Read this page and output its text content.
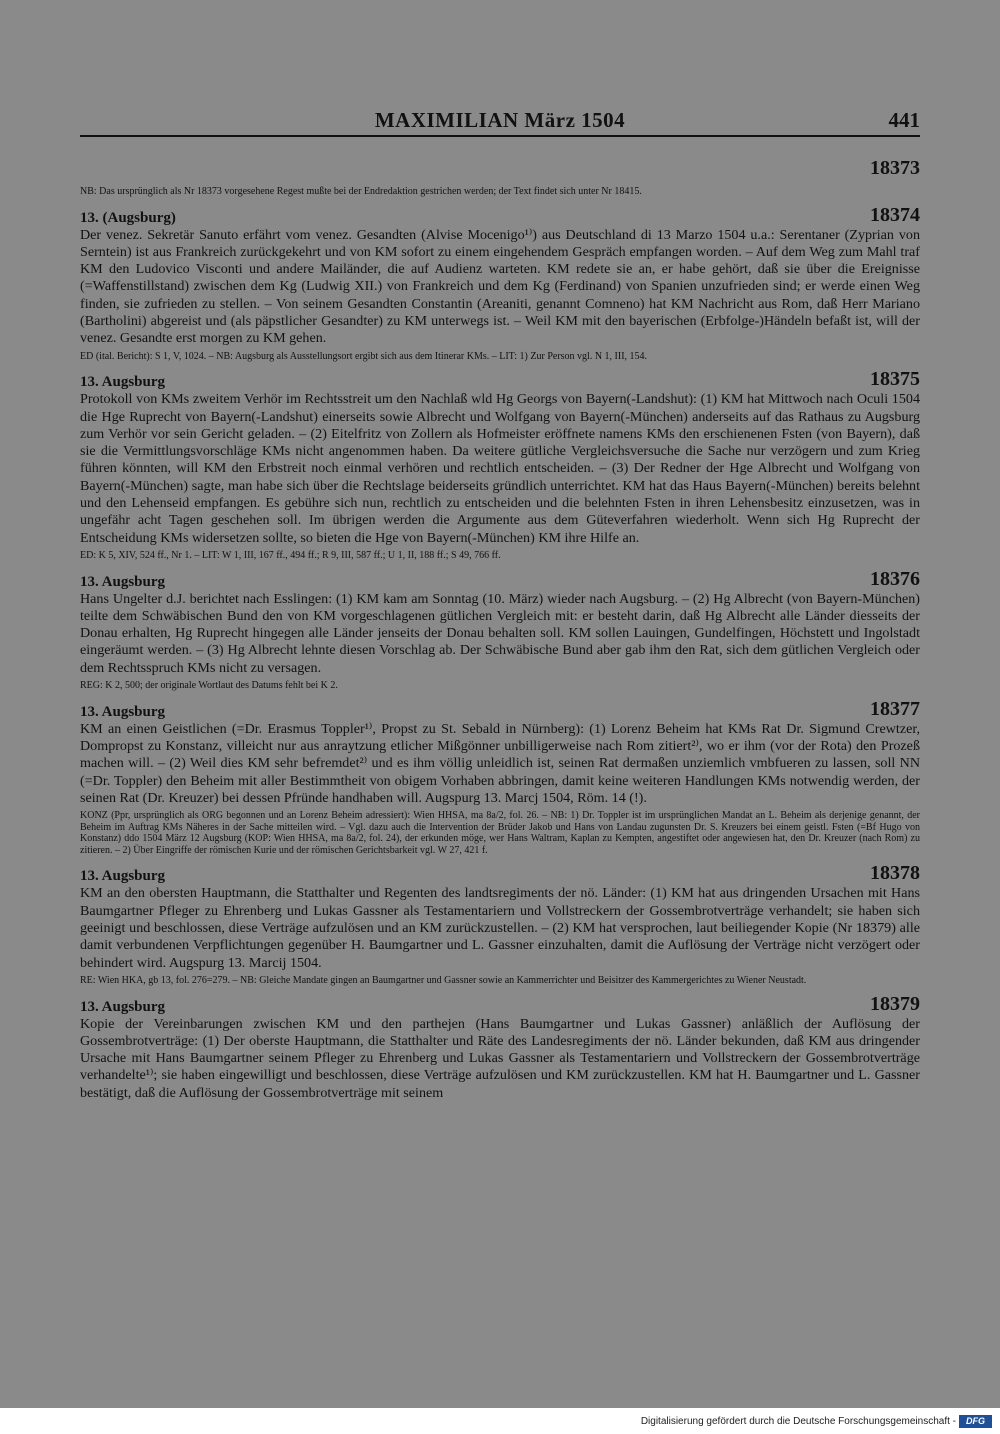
MAXIMILIAN März 1504	441
18373

NB: Das ursprünglich als Nr 18373 vorgesehene Regest mußte bei der Endredaktion gestrichen werden; der Text findet sich unter Nr 18415.

13. (Augsburg)	18374

Der venez. Sekretär Sanuto erfährt vom venez. Gesandten (Alvise Mocenigo¹⁾) aus Deutschland di 13 Marzo 1504 u.a.: Serentaner (Zyprian von Serntein) ist aus Frankreich zurückgekehrt und von KM sofort zu einem eingehendem Gespräch empfangen worden. – Auf dem Weg zum Mahl traf KM den Ludovico Visconti und andere Mailänder, die auf Audienz warteten. KM redete sie an, er habe gehört, daß sie über die Ereignisse (=Waffenstillstand) zwischen dem Kg (Ludwig XII.) von Frankreich und dem Kg (Ferdinand) von Spanien unzufrieden sind; er werde einen Weg finden, sie zufrieden zu stellen. – Von seinem Gesandten Constantin (Areaniti, genannt Comneno) hat KM Nachricht aus Rom, daß Herr Mariano (Bartholini) abgereist und (als päpstlicher Gesandter) zu KM unterwegs ist. – Weil KM mit den bayerischen (Erbfolge-)Händeln befaßt ist, will der venez. Gesandte erst morgen zu KM gehen.

ED (ital. Bericht): S 1, V, 1024. – NB: Augsburg als Ausstellungsort ergibt sich aus dem Itinerar KMs. – LIT: 1) Zur Person vgl. N 1, III, 154.

13. Augsburg	18375

Protokoll von KMs zweitem Verhör im Rechtsstreit um den Nachlaß wld Hg Georgs von Bayern(-Landshut): (1) KM hat Mittwoch nach Oculi 1504 die Hge Ruprecht von Bayern(-Landshut) einerseits sowie Albrecht und Wolfgang von Bayern(-München) anderseits auf das Rathaus zu Augsburg zum Verhör vor sein Gericht geladen. – (2) Eitelfritz von Zollern als Hofmeister eröffnete namens KMs den erschienenen Fsten (von Bayern), daß sie die Vermittlungsvorschläge KMs nicht angenommen haben. Da weitere gütliche Vergleichsversuche die Sache nur verzögern und zum Krieg führen könnten, will KM den Erbstreit noch einmal verhören und rechtlich entscheiden. – (3) Der Redner der Hge Albrecht und Wolfgang von Bayern(-München) sagte, man habe sich über die Rechtslage beiderseits gründlich unterrichtet. KM hat das Haus Bayern(-München) bereits belehnt und den Lehenseid empfangen. Es gebühre sich nun, rechtlich zu entscheiden und die belehnten Fsten in ihren Lehensbesitz einzusetzen, was in ungefähr acht Tagen geschehen soll. Im übrigen werden die Argumente aus dem Güteverfahren wiederholt. Wenn sich Hg Ruprecht der Entscheidung KMs widersetzen sollte, so bieten die Hge von Bayern(-München) KM ihre Hilfe an.

ED: K 5, XIV, 524 ff., Nr 1. – LIT: W 1, III, 167 ff., 494 ff.; R 9, III, 587 ff.; U 1, II, 188 ff.; S 49, 766 ff.

13. Augsburg	18376

Hans Ungelter d.J. berichtet nach Esslingen: (1) KM kam am Sonntag (10. März) wieder nach Augsburg. – (2) Hg Albrecht (von Bayern-München) teilte dem Schwäbischen Bund den von KM vorgeschlagenen gütlichen Vergleich mit: er besteht darin, daß Hg Albrecht alle Länder diesseits der Donau erhalten, Hg Ruprecht hingegen alle Länder jenseits der Donau behalten soll. KM sollen Lauingen, Gundelfingen, Höchstett und Ingolstadt eingeräumt werden. – (3) Hg Albrecht lehnte diesen Vorschlag ab. Der Schwäbische Bund aber gab ihm den Rat, sich dem gütlichen Vergleich oder dem Rechtsspruch KMs nicht zu versagen.

REG: K 2, 500; der originale Wortlaut des Datums fehlt bei K 2.

13. Augsburg	18377

KM an einen Geistlichen (=Dr. Erasmus Toppler¹⁾, Propst zu St. Sebald in Nürnberg): (1) Lorenz Beheim hat KMs Rat Dr. Sigmund Crewtzer, Dompropst zu Konstanz, villeicht nur aus anraytzung etlicher Mißgönner unbilligerweise nach Rom zitiert²⁾, wo er ihm (vor der Rota) den Prozeß machen will. – (2) Weil dies KM sehr befremdet²⁾ und es ihm völlig unleidlich ist, seinen Rat dermaßen unziemlich vmbfueren zu lassen, soll NN (=Dr. Toppler) den Beheim mit aller Bestimmtheit von obigem Vorhaben abbringen, damit keine weiteren Handlungen KMs notwendig werden, der seinen Rat (Dr. Kreuzer) bei dessen Pfründe handhaben will. Augspurg 13. Marcj 1504, Röm. 14 (!).

KONZ (Ppr, ursprünglich als ORG begonnen und an Lorenz Beheim adressiert): Wien HHSA, ma 8a/2, fol. 26. – NB: 1) Dr. Toppler ist im ursprünglichen Mandat an L. Beheim als derjenige genannt, der Beheim im Auftrag KMs Näheres in der Sache mitteilen wird. – Vgl. dazu auch die Intervention der Brüder Jakob und Hans von Landau zugunsten Dr. S. Kreuzers bei einem geistl. Fsten (=Bf Hugo von Konstanz) ddo 1504 März 12 Augsburg (KOP: Wien HHSA, ma 8a/2, fol. 24), der erkunden möge, wer Hans Waltram, Kaplan zu Kempten, angestiftet oder angewiesen hat, den Dr. Kreuzer (nach Rom) zu zitieren. – 2) Über Eingriffe der römischen Kurie und der römischen Gerichtsbarkeit vgl. W 27, 421 f.

13. Augsburg	18378

KM an den obersten Hauptmann, die Statthalter und Regenten des landtsregiments der nö. Länder: (1) KM hat aus dringenden Ursachen mit Hans Baumgartner Pfleger zu Ehrenberg und Lukas Gassner als Testamentariern und Vollstreckern der Gossembrotverträge verhandelt; sie haben sich geeinigt und beschlossen, diese Verträge aufzulösen und an KM zurückzustellen. – (2) KM hat versprochen, laut beiliegender Kopie (Nr 18379) alle damit verbundenen Verpflichtungen gegenüber H. Baumgartner und L. Gassner einzuhalten, damit die Auflösung der Verträge nicht verzögert oder behindert wird. Augspurg 13. Marcij 1504.

RE: Wien HKA, gb 13, fol. 276=279. – NB: Gleiche Mandate gingen an Baumgartner und Gassner sowie an Kammerrichter und Beisitzer des Kammergerichtes zu Wiener Neustadt.

13. Augsburg	18379

Kopie der Vereinbarungen zwischen KM und den parthejen (Hans Baumgartner und Lukas Gassner) anläßlich der Auflösung der Gossembrotverträge: (1) Der oberste Hauptmann, die Statthalter und Räte des Landesregiments der nö. Länder bekunden, daß KM aus dringender Ursache mit Hans Baumgartner seinem Pfleger zu Ehrenberg und Lukas Gassner als Testamentariern und Vollstreckern der Gossembrotverträge verhandelte¹⁾; sie haben eingewilligt und beschlossen, diese Verträge aufzulösen und KM zurückzustellen. KM hat H. Baumgartner und L. Gassner bestätigt, daß die Auflösung der Gossembrotverträge mit seinem

Digitalisierung gefördert durch die Deutsche Forschungsgemeinschaft -	DFG
